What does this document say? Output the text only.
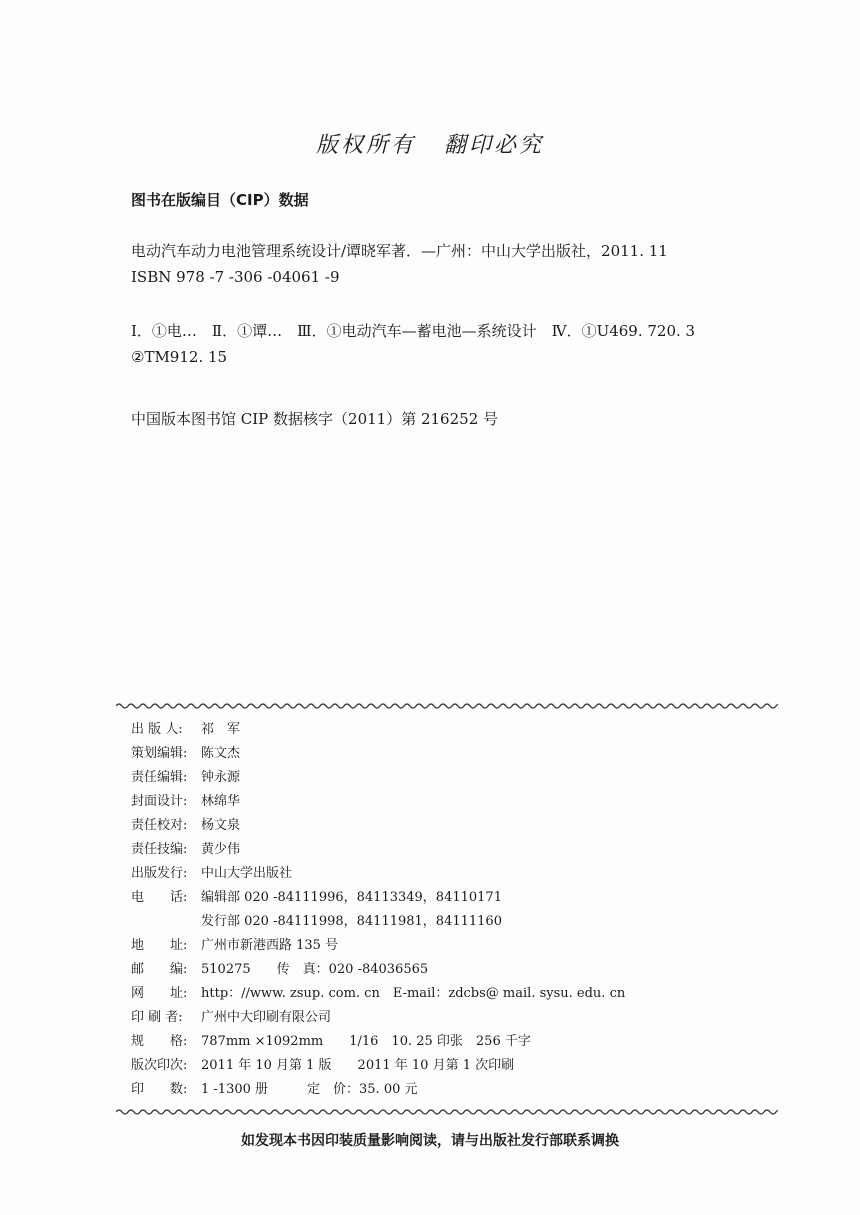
版权所有 翻印必究
图书在版编目（CIP）数据
电动汽车动力电池管理系统设计/谭晓军著．—广州：中山大学出版社，2011. 11
ISBN 978 -7 -306 -04061 -9
Ⅰ．①电…　Ⅱ．①谭…　Ⅲ．①电动汽车—蓄电池—系统设计　Ⅳ．①U469. 720. 3
②TM912. 15
中国版本图书馆 CIP 数据核字（2011）第 216252 号
出 版 人:	祁　军
策划编辑:	陈文杰
责任编辑:	钟永源
封面设计:	林绵华
责任校对:	杨文泉
责任技编:	黄少伟
出版发行:	中山大学出版社
电　　话:	编辑部 020 -84111996，84113349，84110171
发行部 020 -84111998，84111981，84111160
地　　址:	广州市新港西路 135 号
邮　　编:	510275　　传　真：020 -84036565
网　　址:	http：//www. zsup. com. cn　E-mail：zdcbs@ mail. sysu. edu. cn
印 刷 者:	广州中大印刷有限公司
规　　格:	787mm ×1092mm　　1/16　10. 25 印张　256 千字
版次印次:	2011 年 10 月第 1 版　　2011 年 10 月第 1 次印刷
印　　数:	1 -1300 册　　　定　价：35. 00 元
如发现本书因印装质量影响阅读，请与出版社发行部联系调换
